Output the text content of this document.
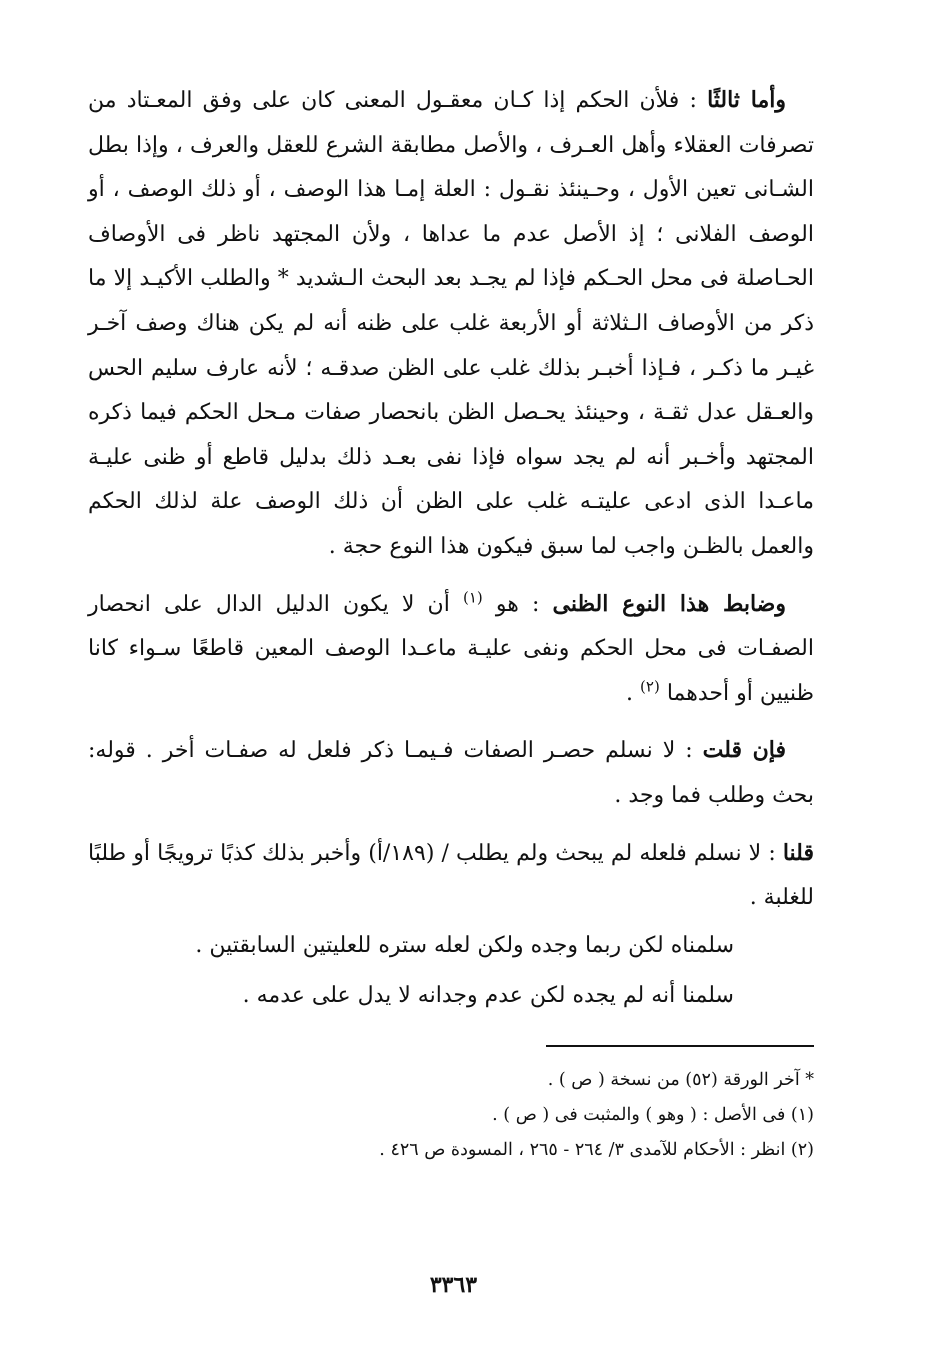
وأما ثالثًا : فلأن الحكم إذا كـان معقـول المعنى كان على وفق المعـتاد من تصرفات العقلاء وأهل العـرف ، والأصل مطابقة الشرع للعقل والعرف ، وإذا بطل الشـانى تعين الأول ، وحـينئذ نقـول : العلة إمـا هذا الوصف ، أو ذلك الوصف ، أو الوصف الفلانى ؛ إذ الأصل عدم ما عداها ، ولأن المجتهد ناظر فى الأوصاف الحـاصلة فى محل الحـكم فإذا لم يجـد بعد البحث الـشديد * والطلب الأكيـد إلا ما ذكر من الأوصاف الـثلاثة أو الأربعة غلب على ظنه أنه لم يكن هناك وصف آخـر غيـر ما ذكـر ، فـإذا أخبـر بذلك غلب على الظن صدقـه ؛ لأنه عارف سليم الحس والعـقل عدل ثقـة ، وحينئذ يحـصل الظن بانحصار صفات مـحل الحكم فيما ذكره المجتهد وأخـبر أنه لم يجد سواه فإذا نفى بعـد ذلك بدليل قاطع أو ظنى عليـة ماعـدا الذى ادعى عليتـه غلب على الظن أن ذلك الوصف علة لذلك الحكم والعمل بالظـن واجب لما سبق فيكون هذا النوع حجة .

وضابط هذا النوع الظنى : هو $^{(١)}$ أن لا يكون الدليل الدال على انحصار الصفـات فى محل الحكم ونفى عليـة ماعـدا الوصف المعين قاطعًا سـواء كانا ظنيين أو أحدهما $^{(٢)}$ .

فإن قلت : لا نسلم حصـر الصفات فـيمـا ذكر فلعل له صفـات أخر . قوله: بحث وطلب فما وجد .

قلنا : لا نسلم فلعله لم يبحث ولم يطلب / (١٨٩/أ) وأخبر بذلك كذبًا ترويجًا أو طلبًا للغلبة .

سلمناه لكن ربما وجده ولكن لعله ستره للعليتين السابقتين .

سلمنا أنه لم يجده لكن عدم وجدانه لا يدل على عدمه .

* آخر الورقة (٥٢) من نسخة ( ص ) .

(١) فى الأصل : ( وهو ) والمثبت فى ( ص ) .

(٢) انظر : الأحكام للآمدى ٣/ ٢٦٤ - ٢٦٥ ، المسودة ص ٤٢٦ .

٣٣٦٣
